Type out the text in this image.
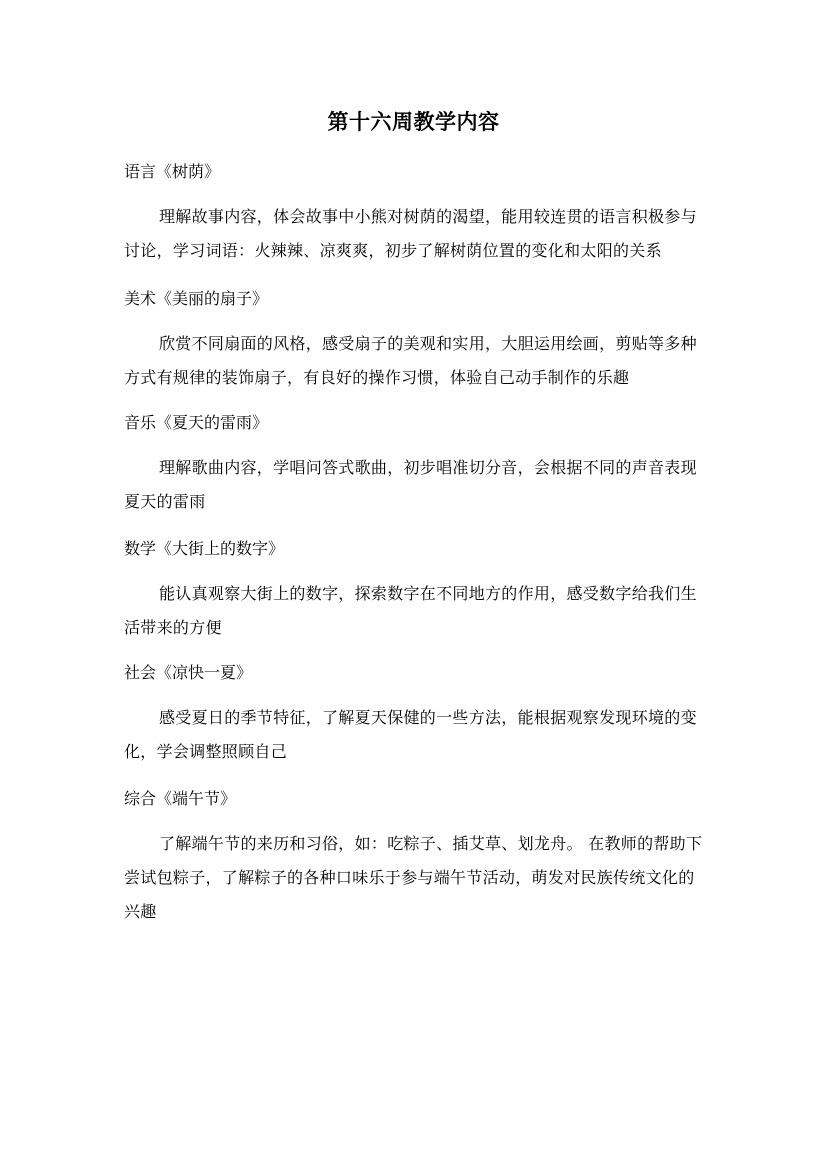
第十六周教学内容

语言《树荫》

理解故事内容，体会故事中小熊对树荫的渴望，能用较连贯的语言积极参与讨论，学习词语：火辣辣、凉爽爽，初步了解树荫位置的变化和太阳的关系

美术《美丽的扇子》

欣赏不同扇面的风格，感受扇子的美观和实用，大胆运用绘画，剪贴等多种方式有规律的装饰扇子，有良好的操作习惯，体验自己动手制作的乐趣

音乐《夏天的雷雨》

理解歌曲内容，学唱问答式歌曲，初步唱准切分音，会根据不同的声音表现夏天的雷雨

数学《大街上的数字》

能认真观察大街上的数字，探索数字在不同地方的作用，感受数字给我们生活带来的方便

社会《凉快一夏》

感受夏日的季节特征，了解夏天保健的一些方法，能根据观察发现环境的变化，学会调整照顾自己

综合《端午节》

了解端午节的来历和习俗，如：吃粽子、插艾草、划龙舟。 在教师的帮助下尝试包粽子，了解粽子的各种口味乐于参与端午节活动，萌发对民族传统文化的兴趣
